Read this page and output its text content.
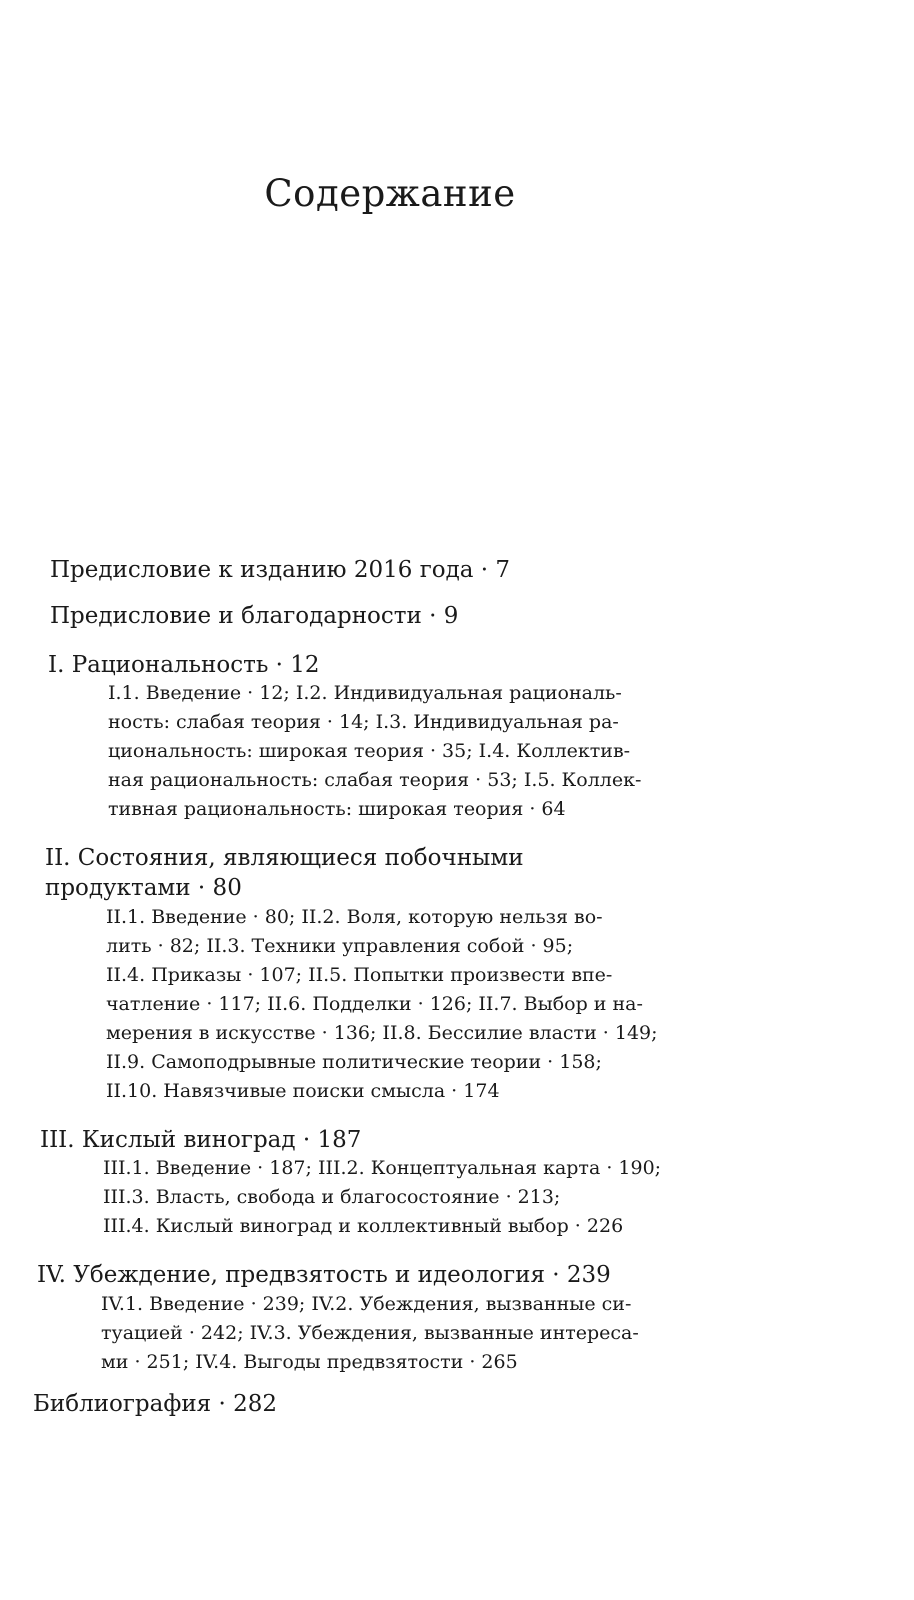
Содержание
Предисловие к изданию 2016 года · 7
Предисловие и благодарности · 9
I. Рациональность · 12
I.1. Введение · 12; I.2. Индивидуальная рациональ-
ность: слабая теория · 14; I.3. Индивидуальная ра-
циональность: широкая теория · 35; I.4. Коллектив-
ная рациональность: слабая теория · 53; I.5. Коллек-
тивная рациональность: широкая теория · 64
II. Состояния, являющиеся побочными
продуктами · 80
II.1. Введение · 80; II.2. Воля, которую нельзя во-
лить · 82; II.3. Техники управления собой · 95;
II.4. Приказы · 107; II.5. Попытки произвести впе-
чатление · 117; II.6. Подделки · 126; II.7. Выбор и на-
мерения в искусстве · 136; II.8. Бессилие власти · 149;
II.9. Самоподрывные политические теории · 158;
II.10. Навязчивые поиски смысла · 174
III. Кислый виноград · 187
III.1. Введение · 187; III.2. Концептуальная карта · 190;
III.3. Власть, свобода и благосостояние · 213;
III.4. Кислый виноград и коллективный выбор · 226
IV. Убеждение, предвзятость и идеология · 239
IV.1. Введение · 239; IV.2. Убеждения, вызванные си-
туацией · 242; IV.3. Убеждения, вызванные интереса-
ми · 251; IV.4. Выгоды предвзятости · 265
Библиография · 282
